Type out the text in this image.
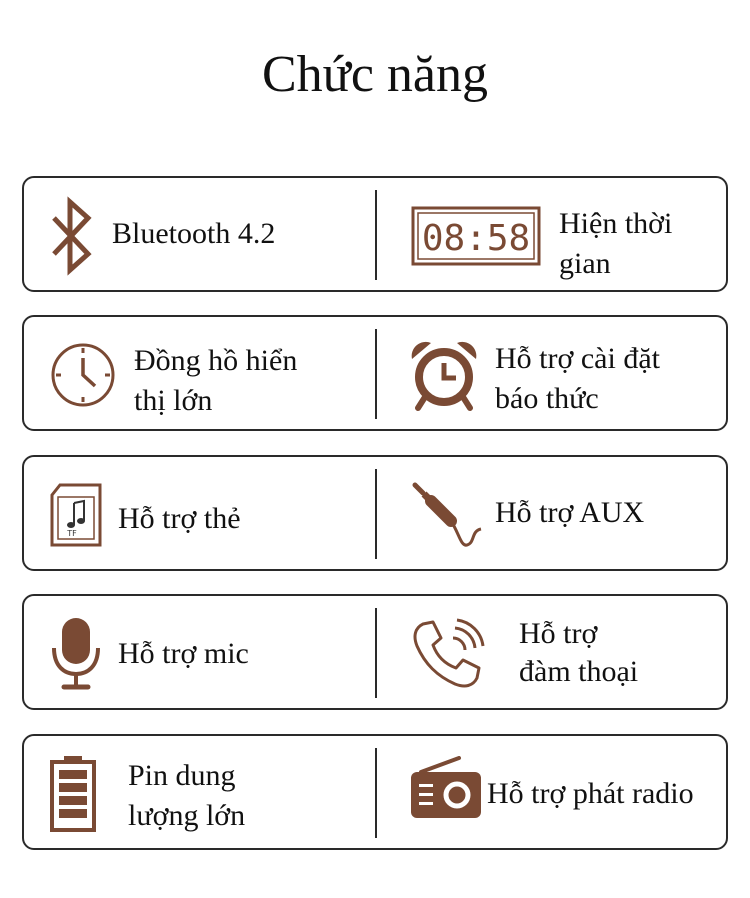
Chức năng
Bluetooth 4.2	08:58 Hiện thời
gian
Đồng hồ hiển
thị lớn
Hỗ trợ cài đặt
báo thức
TF Hỗ trợ thẻ	Hỗ trợ AUX
Hỗ trợ mic
Hỗ trợ
đàm thoại
Pin dung
lượng lớn
Hỗ trợ phát radio
